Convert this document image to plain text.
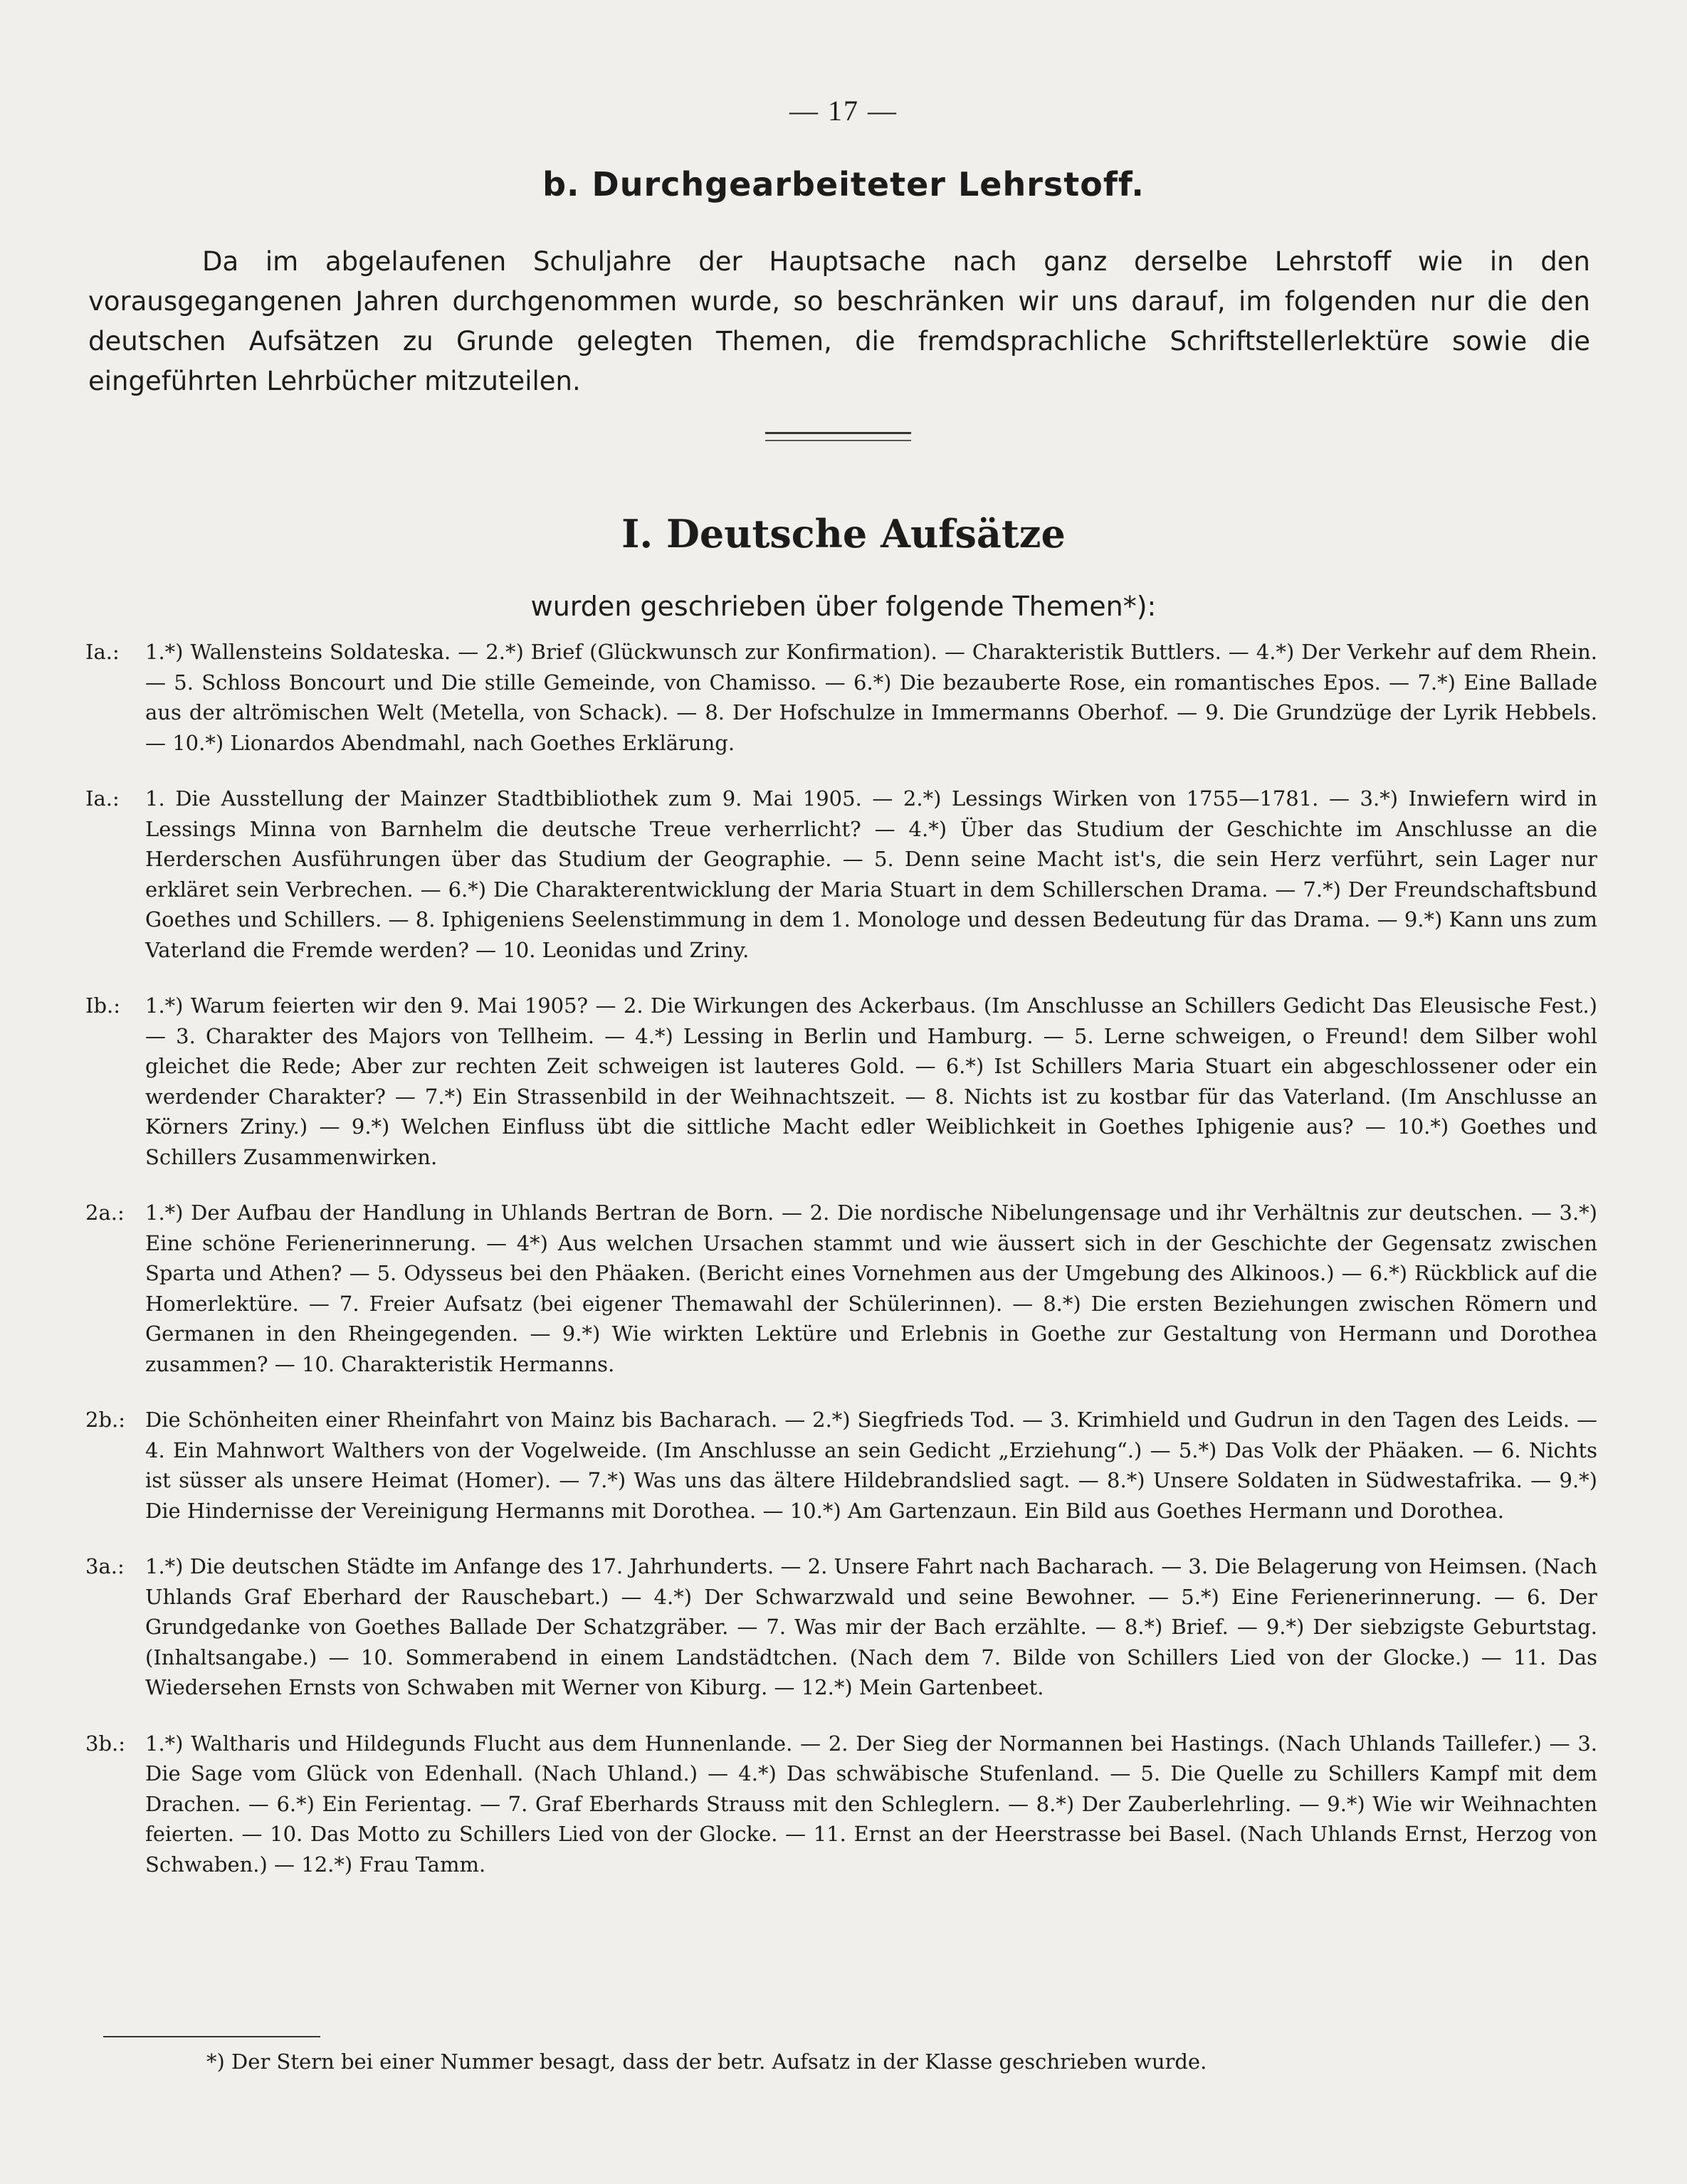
— 17 —
b. Durchgearbeiteter Lehrstoff.
Da im abgelaufenen Schuljahre der Hauptsache nach ganz derselbe Lehrstoff wie in den vorausgegangenen Jahren durchgenommen wurde, so beschränken wir uns darauf, im folgenden nur die den deutschen Aufsätzen zu Grunde gelegten Themen, die fremdsprachliche Schriftstellerlektüre sowie die eingeführten Lehrbücher mitzuteilen.
I. Deutsche Aufsätze
wurden geschrieben über folgende Themen*):
Ia.: 1.*) Wallensteins Soldateska. — 2.*) Brief (Glückwunsch zur Konfirmation). — Charakteristik Buttlers. — 4.*) Der Verkehr auf dem Rhein. — 5. Schloss Boncourt und Die stille Gemeinde, von Chamisso. — 6.*) Die bezauberte Rose, ein romantisches Epos. — 7.*) Eine Ballade aus der altrömischen Welt (Metella, von Schack). — 8. Der Hofschulze in Immermanns Oberhof. — 9. Die Grundzüge der Lyrik Hebbels. — 10.*) Lionardos Abendmahl, nach Goethes Erklärung.
Ia.: 1. Die Ausstellung der Mainzer Stadtbibliothek zum 9. Mai 1905. — 2.*) Lessings Wirken von 1755—1781. — 3.*) Inwiefern wird in Lessings Minna von Barnhelm die deutsche Treue verherrlicht? — 4.*) Über das Studium der Geschichte im Anschlusse an die Herderschen Ausführungen über das Studium der Geographie. — 5. Denn seine Macht ist's, die sein Herz verführt, sein Lager nur erkläret sein Verbrechen. — 6.*) Die Charakterentwicklung der Maria Stuart in dem Schillerschen Drama. — 7.*) Der Freundschaftsbund Goethes und Schillers. — 8. Iphigeniens Seelenstimmung in dem 1. Monologe und dessen Bedeutung für das Drama. — 9.*) Kann uns zum Vaterland die Fremde werden? — 10. Leonidas und Zriny.
Ib.: 1.*) Warum feierten wir den 9. Mai 1905? — 2. Die Wirkungen des Ackerbaus. (Im Anschlusse an Schillers Gedicht Das Eleusische Fest.) — 3. Charakter des Majors von Tellheim. — 4.*) Lessing in Berlin und Hamburg. — 5. Lerne schweigen, o Freund! dem Silber wohl gleichet die Rede; Aber zur rechten Zeit schweigen ist lauteres Gold. — 6.*) Ist Schillers Maria Stuart ein abgeschlossener oder ein werdender Charakter? — 7.*) Ein Strassenbild in der Weihnachtszeit. — 8. Nichts ist zu kostbar für das Vaterland. (Im Anschlusse an Körners Zriny.) — 9.*) Welchen Einfluss übt die sittliche Macht edler Weiblichkeit in Goethes Iphigenie aus? — 10.*) Goethes und Schillers Zusammenwirken.
2a.: 1.*) Der Aufbau der Handlung in Uhlands Bertran de Born. — 2. Die nordische Nibelungensage und ihr Verhältnis zur deutschen. — 3.*) Eine schöne Ferienerinnerung. — 4*) Aus welchen Ursachen stammt und wie äussert sich in der Geschichte der Gegensatz zwischen Sparta und Athen? — 5. Odysseus bei den Phäaken. (Bericht eines Vornehmen aus der Umgebung des Alkinoos.) — 6.*) Rückblick auf die Homerlektüre. — 7. Freier Aufsatz (bei eigener Themawahl der Schülerinnen). — 8.*) Die ersten Beziehungen zwischen Römern und Germanen in den Rheingegenden. — 9.*) Wie wirkten Lektüre und Erlebnis in Goethe zur Gestaltung von Hermann und Dorothea zusammen? — 10. Charakteristik Hermanns.
2b.: Die Schönheiten einer Rheinfahrt von Mainz bis Bacharach. — 2.*) Siegfrieds Tod. — 3. Krimhield und Gudrun in den Tagen des Leids. — 4. Ein Mahnwort Walthers von der Vogelweide. (Im Anschlusse an sein Gedicht „Erziehung“.) — 5.*) Das Volk der Phäaken. — 6. Nichts ist süsser als unsere Heimat (Homer). — 7.*) Was uns das ältere Hildebrandslied sagt. — 8.*) Unsere Soldaten in Südwestafrika. — 9.*) Die Hindernisse der Vereinigung Hermanns mit Dorothea. — 10.*) Am Gartenzaun. Ein Bild aus Goethes Hermann und Dorothea.
3a.: 1.*) Die deutschen Städte im Anfange des 17. Jahrhunderts. — 2. Unsere Fahrt nach Bacharach. — 3. Die Belagerung von Heimsen. (Nach Uhlands Graf Eberhard der Rauschebart.) — 4.*) Der Schwarzwald und seine Bewohner. — 5.*) Eine Ferienerinnerung. — 6. Der Grundgedanke von Goethes Ballade Der Schatzgräber. — 7. Was mir der Bach erzählte. — 8.*) Brief. — 9.*) Der siebzigste Geburtstag. (Inhaltsangabe.) — 10. Sommerabend in einem Landstädtchen. (Nach dem 7. Bilde von Schillers Lied von der Glocke.) — 11. Das Wiedersehen Ernsts von Schwaben mit Werner von Kiburg. — 12.*) Mein Gartenbeet.
3b.: 1.*) Waltharis und Hildegunds Flucht aus dem Hunnenlande. — 2. Der Sieg der Normannen bei Hastings. (Nach Uhlands Taillefer.) — 3. Die Sage vom Glück von Edenhall. (Nach Uhland.) — 4.*) Das schwäbische Stufenland. — 5. Die Quelle zu Schillers Kampf mit dem Drachen. — 6.*) Ein Ferientag. — 7. Graf Eberhards Strauss mit den Schleglern. — 8.*) Der Zauberlehrling. — 9.*) Wie wir Weihnachten feierten. — 10. Das Motto zu Schillers Lied von der Glocke. — 11. Ernst an der Heerstrasse bei Basel. (Nach Uhlands Ernst, Herzog von Schwaben.) — 12.*) Frau Tamm.
*) Der Stern bei einer Nummer besagt, dass der betr. Aufsatz in der Klasse geschrieben wurde.
